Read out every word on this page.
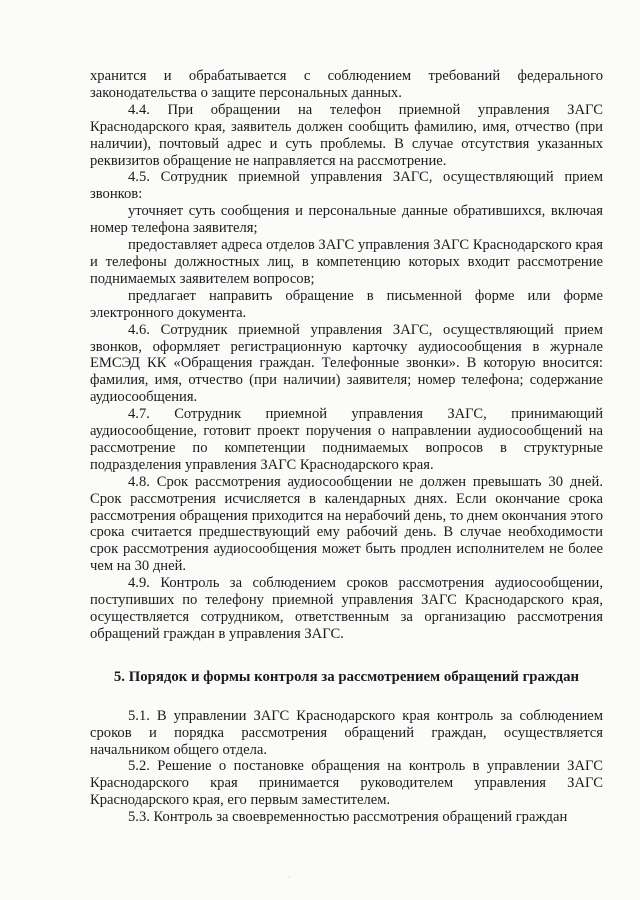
хранится и обрабатывается с соблюдением требований федерального законодательства о защите персональных данных.

4.4. При обращении на телефон приемной управления ЗАГС Краснодарского края, заявитель должен сообщить фамилию, имя, отчество (при наличии), почтовый адрес и суть проблемы. В случае отсутствия указанных реквизитов обращение не направляется на рассмотрение.

4.5. Сотрудник приемной управления ЗАГС, осуществляющий прием звонков:

уточняет суть сообщения и персональные данные обратившихся, включая номер телефона заявителя;

предоставляет адреса отделов ЗАГС управления ЗАГС Краснодарского края и телефоны должностных лиц, в компетенцию которых входит рассмотрение поднимаемых заявителем вопросов;

предлагает направить обращение в письменной форме или форме электронного документа.

4.6. Сотрудник приемной управления ЗАГС, осуществляющий прием звонков, оформляет регистрационную карточку аудиосообщения в журнале ЕМСЭД КК «Обращения граждан. Телефонные звонки». В которую вносится: фамилия, имя, отчество (при наличии) заявителя; номер телефона; содержание аудиосообщения.

4.7. Сотрудник приемной управления ЗАГС, принимающий аудиосообщение, готовит проект поручения о направлении аудиосообщений на рассмотрение по компетенции поднимаемых вопросов в структурные подразделения управления ЗАГС Краснодарского края.

4.8. Срок рассмотрения аудиосообщении не должен превышать 30 дней. Срок рассмотрения исчисляется в календарных днях. Если окончание срока рассмотрения обращения приходится на нерабочий день, то днем окончания этого срока считается предшествующий ему рабочий день. В случае необходимости срок рассмотрения аудиосообщения может быть продлен исполнителем не более чем на 30 дней.

4.9. Контроль за соблюдением сроков рассмотрения аудиосообщении, поступивших по телефону приемной управления ЗАГС Краснодарского края, осуществляется сотрудником, ответственным за организацию рассмотрения обращений граждан в управления ЗАГС.

5. Порядок и формы контроля за рассмотрением обращений граждан

5.1. В управлении ЗАГС Краснодарского края контроль за соблюдением сроков и порядка рассмотрения обращений граждан, осуществляется начальником общего отдела.

5.2. Решение о постановке обращения на контроль в управлении ЗАГС Краснодарского края принимается руководителем управления ЗАГС Краснодарского края, его первым заместителем.

5.3. Контроль за своевременностью рассмотрения обращений граждан

·
